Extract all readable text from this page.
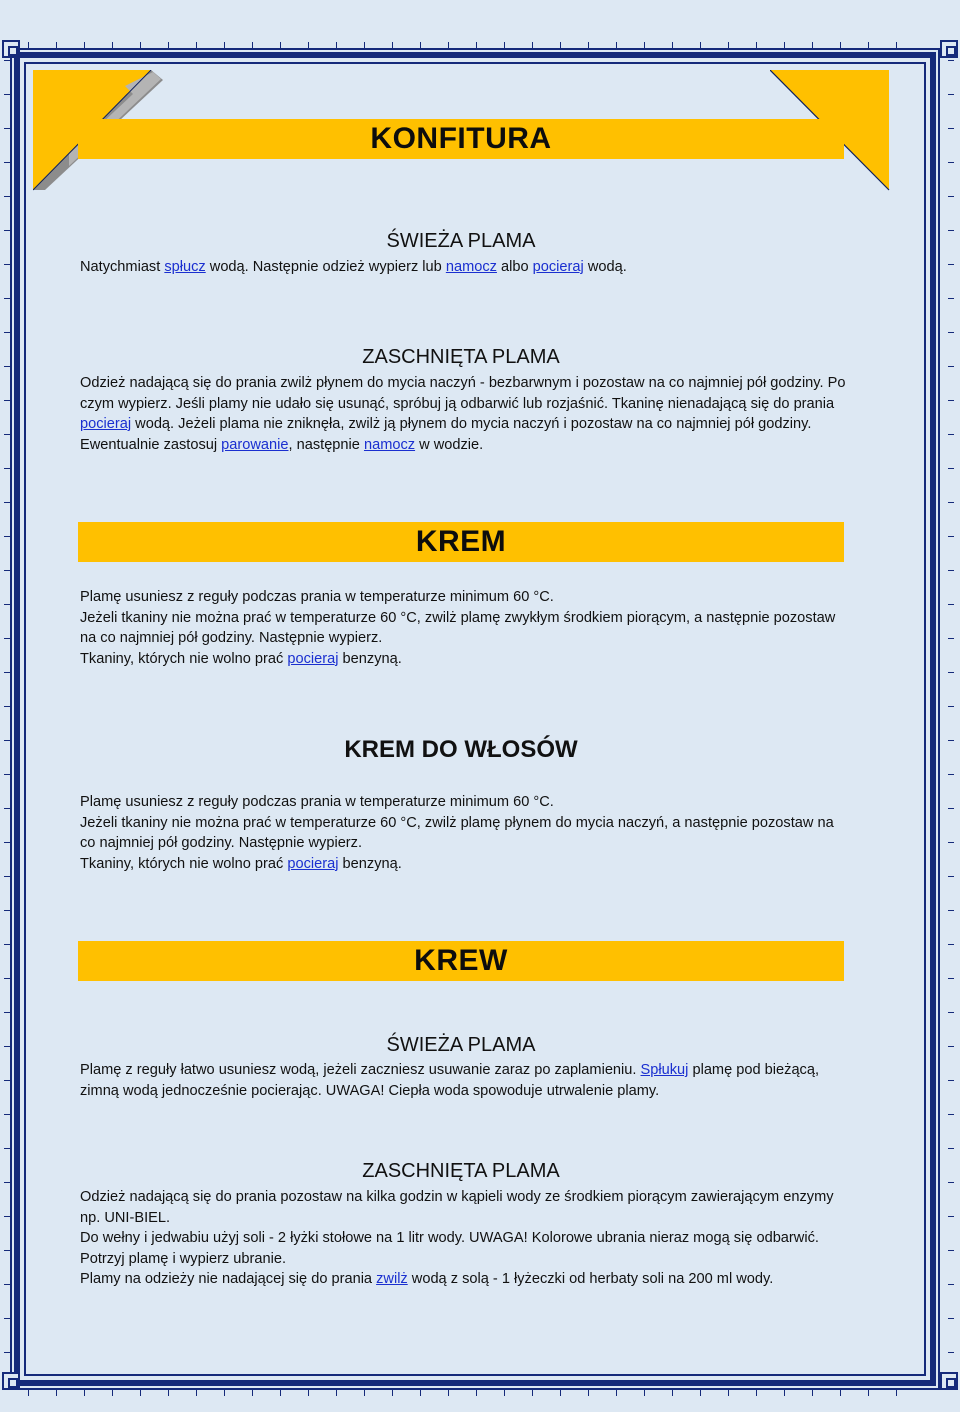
KONFITURA
ŚWIEŻA PLAMA

Natychmiast spłucz wodą. Następnie odzież wypierz lub namocz albo pocieraj wodą.

ZASCHNIĘTA PLAMA

Odzież nadającą się do prania zwilż płynem do mycia naczyń - bezbarwnym i pozostaw na co najmniej pół godziny. Po czym wypierz. Jeśli plamy nie udało się usunąć, spróbuj ją odbarwić lub rozjaśnić. Tkaninę nienadającą się do prania pocieraj wodą. Jeżeli plama nie zniknęła, zwilż ją płynem do mycia naczyń i pozostaw na co najmniej pół godziny. Ewentualnie zastosuj parowanie, następnie namocz w wodzie.

KREM
Plamę usuniesz z reguły podczas prania w temperaturze minimum 60 °C.
Jeżeli tkaniny nie można prać w temperaturze 60 °C, zwilż plamę zwykłym środkiem piorącym, a następnie pozostaw na co najmniej pół godziny. Następnie wypierz.
Tkaniny, których nie wolno prać pocieraj benzyną.
KREM DO WŁOSÓW
Plamę usuniesz z reguły podczas prania w temperaturze minimum 60 °C.
Jeżeli tkaniny nie można prać w temperaturze 60 °C, zwilż plamę płynem do mycia naczyń, a następnie pozostaw na co najmniej pół godziny. Następnie wypierz.
Tkaniny, których nie wolno prać pocieraj benzyną.
KREW
ŚWIEŻA PLAMA

Plamę z reguły łatwo usuniesz wodą, jeżeli zaczniesz usuwanie zaraz po zaplamieniu. Spłukuj plamę pod bieżącą, zimną wodą jednocześnie pocierając. UWAGA! Ciepła woda spowoduje utrwalenie plamy.

ZASCHNIĘTA PLAMA
Odzież nadającą się do prania pozostaw na kilka godzin w kąpieli wody ze środkiem piorącym zawierającym enzymy np. UNI-BIEL.
Do wełny i jedwabiu użyj soli - 2 łyżki stołowe na 1 litr wody. UWAGA! Kolorowe ubrania nieraz mogą się odbarwić. Potrzyj plamę i wypierz ubranie.
Plamy na odzieży nie nadającej się do prania zwilż wodą z solą - 1 łyżeczki od herbaty soli na 200 ml wody.
